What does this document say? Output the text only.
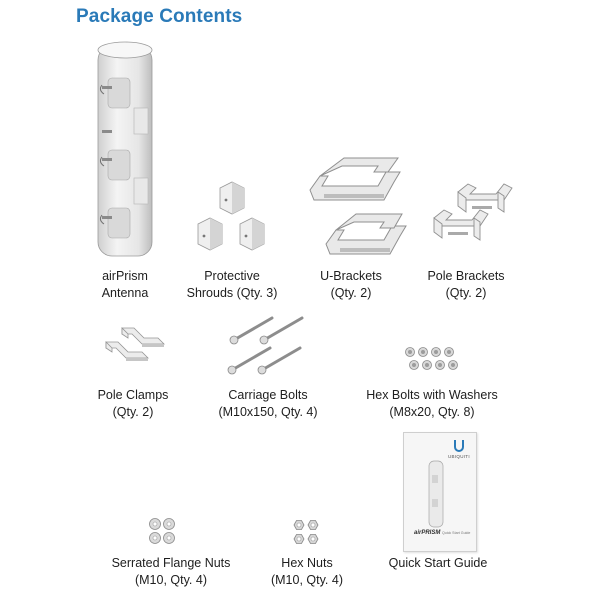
Package Contents
UBIQUITI
airPRISM Quick Start Guide
airPrism
Antenna
Protective
Shrouds (Qty. 3)
U-Brackets
(Qty. 2)
Pole Brackets
(Qty. 2)
Pole Clamps
(Qty. 2)
Carriage Bolts
(M10x150, Qty. 4)
Hex Bolts with Washers
(M8x20, Qty. 8)
Serrated Flange Nuts
(M10, Qty. 4)
Hex Nuts
(M10, Qty. 4)
Quick Start Guide
